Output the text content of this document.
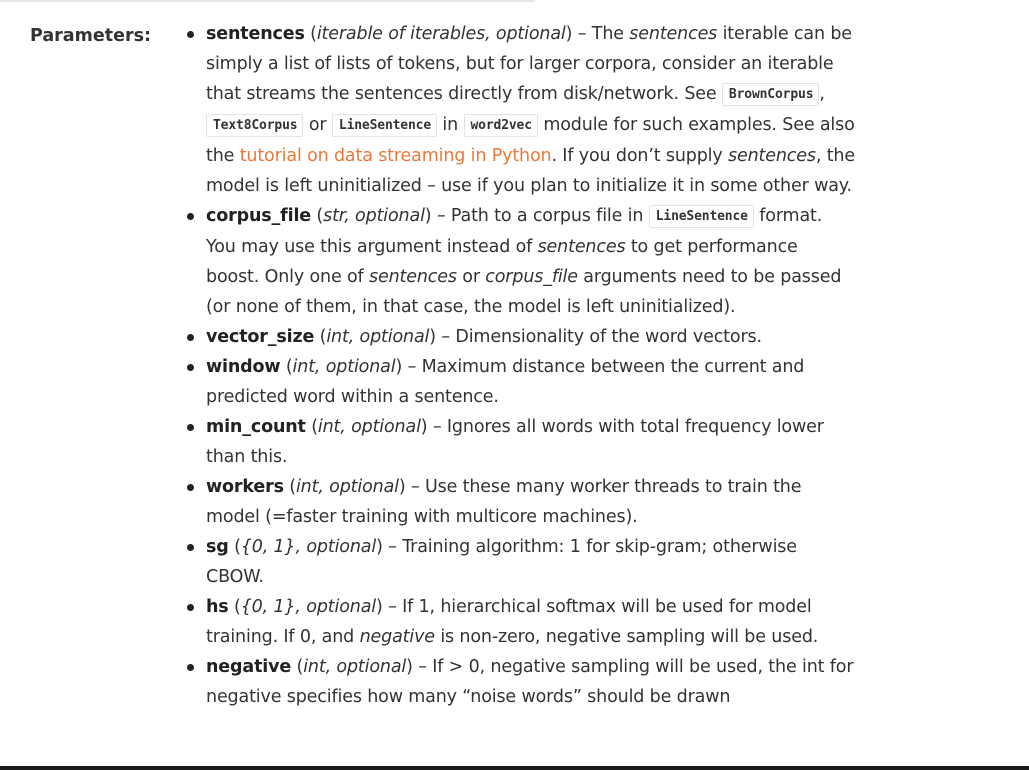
Parameters:	sentences (iterable of iterables, optional) – The sentences iterable can be simply a list of lists of tokens, but for larger corpora, consider an iterable that streams the sentences directly from disk/network. See BrownCorpus , Text8Corpus or LineSentence in word2vec module for such examples. See also the tutorial on data streaming in Python. If you don’t supply sentences, the model is left uninitialized – use if you plan to initialize it in some other way.
corpus_file (str, optional) – Path to a corpus file in LineSentence format. You may use this argument instead of sentences to get performance boost. Only one of sentences or corpus_file arguments need to be passed (or none of them, in that case, the model is left uninitialized).
vector_size (int, optional) – Dimensionality of the word vectors.
window (int, optional) – Maximum distance between the current and predicted word within a sentence.
min_count (int, optional) – Ignores all words with total frequency lower than this.
workers (int, optional) – Use these many worker threads to train the model (=faster training with multicore machines).
sg ({0, 1}, optional) – Training algorithm: 1 for skip-gram; otherwise CBOW.
hs ({0, 1}, optional) – If 1, hierarchical softmax will be used for model training. If 0, and negative is non-zero, negative sampling will be used.
negative (int, optional) – If > 0, negative sampling will be used, the int for negative specifies how many “noise words” should be drawn
